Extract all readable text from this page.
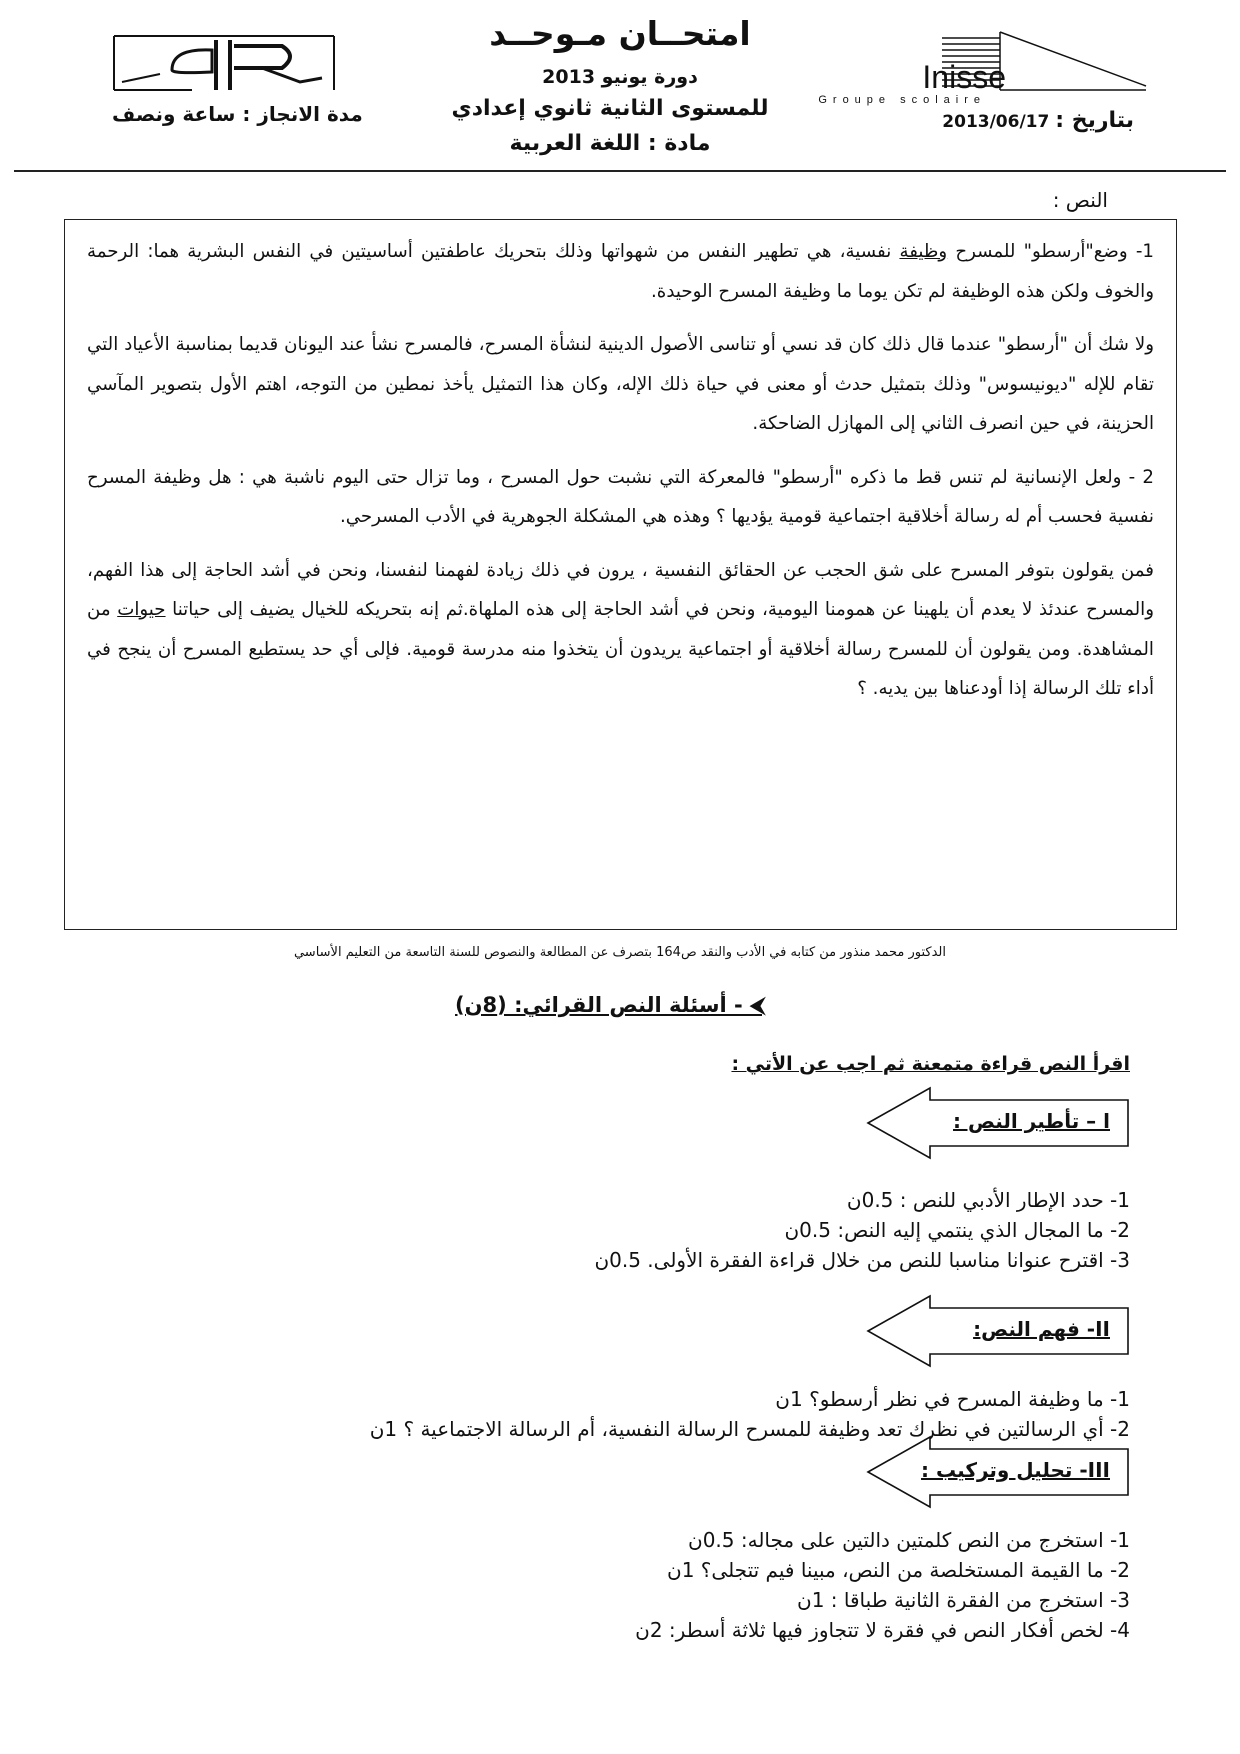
Inisse
Groupe scolaire
امتحــان مـوحــد
دورة يونيو 2013
للمستوى الثانية ثانوي إعدادي
مادة : اللغة العربية
بتاريخ : 2013/06/17
مدة الانجاز : ساعة ونصف
النص :

1- وضع"أرسطو" للمسرح وظيفة نفسية، هي تطهير النفس من شهواتها وذلك بتحريك عاطفتين أساسيتين في النفس البشرية هما: الرحمة والخوف ولكن هذه الوظيفة لم تكن يوما ما وظيفة المسرح الوحيدة.

ولا شك أن "أرسطو" عندما قال ذلك كان قد نسي أو تناسى الأصول الدينية لنشأة المسرح، فالمسرح نشأ عند اليونان قديما بمناسبة الأعياد التي تقام للإله "ديونيسوس" وذلك بتمثيل حدث أو معنى في حياة ذلك الإله، وكان هذا التمثيل يأخذ نمطين من التوجه، اهتم الأول بتصوير المآسي الحزينة، في حين انصرف الثاني إلى المهازل الضاحكة.

2 - ولعل الإنسانية لم تنس قط ما ذكره "أرسطو" فالمعركة التي نشبت حول المسرح ، وما تزال حتى اليوم ناشبة هي : هل وظيفة المسرح نفسية فحسب أم له رسالة أخلاقية اجتماعية قومية يؤديها ؟ وهذه هي المشكلة الجوهرية في الأدب المسرحي.

فمن يقولون بتوفر المسرح على شق الحجب عن الحقائق النفسية ، يرون في ذلك زيادة لفهمنا لنفسنا، ونحن في أشد الحاجة إلى هذا الفهم، والمسرح عندئذ لا يعدم أن يلهينا عن همومنا اليومية، ونحن في أشد الحاجة إلى هذه الملهاة.ثم إنه بتحريكه للخيال يضيف إلى حياتنا حيوات من المشاهدة. ومن يقولون أن للمسرح رسالة أخلاقية أو اجتماعية يريدون أن يتخذوا منه مدرسة قومية. فإلى أي حد يستطيع المسرح أن ينجح في أداء تلك الرسالة إذا أودعناها بين يديه. ؟

الدكتور محمد منذور من كتابه في الأدب والنقد ص164 بتصرف عن المطالعة والنصوص للسنة التاسعة من التعليم الأساسي
⮜ - أسئلة النص القرائي: (8ن)
اقرأ النص قراءة متمعنة ثم اجب عن الأتي :
ا – تأطير النص :
1- حدد الإطار الأدبي للنص : 0.5ن
2- ما المجال الذي ينتمي إليه النص: 0.5ن
3- اقترح عنوانا مناسبا للنص من خلال قراءة الفقرة الأولى. 0.5ن
II- فهم النص:
1- ما وظيفة المسرح في نظر أرسطو؟ 1ن
2- أي الرسالتين في نظرك تعد وظيفة للمسرح الرسالة النفسية، أم الرسالة الاجتماعية ؟ 1ن
III- تحليل وتركيب :
1- استخرج من النص كلمتين دالتين على مجاله: 0.5ن
2- ما القيمة المستخلصة من النص، مبينا فيم تتجلى؟ 1ن
3- استخرج من الفقرة الثانية طباقا : 1ن
4- لخص أفكار النص في فقرة لا تتجاوز فيها ثلاثة أسطر: 2ن
